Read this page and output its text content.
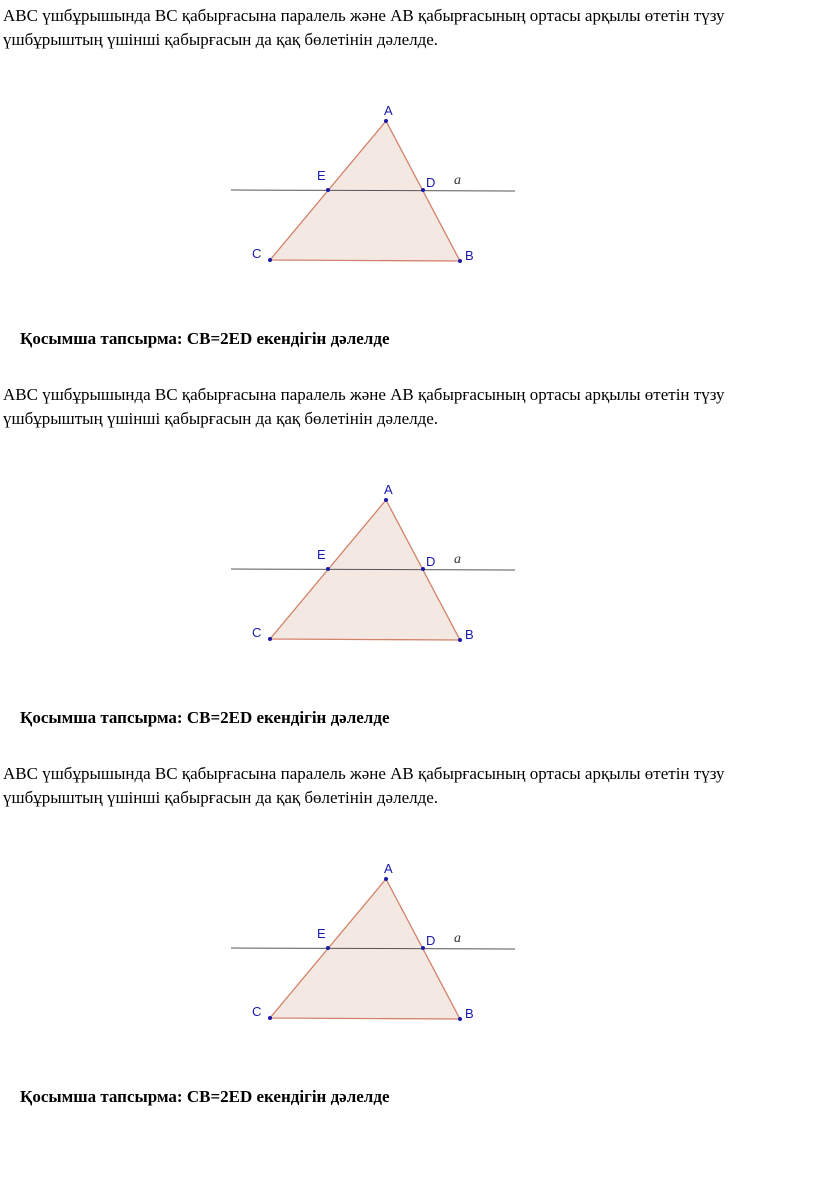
ABC үшбұрышында BC қабырғасына паралель және AB қабырғасының ортасы арқылы өтетін түзу үшбұрыштың үшінші қабырғасын да қақ бөлетінін дәлелде.

A
B
C
D
E	a

Қосымша тапсырма: CB=2ED екендігін дәлелде

ABC үшбұрышында BC қабырғасына паралель және AB қабырғасының ортасы арқылы өтетін түзу үшбұрыштың үшінші қабырғасын да қақ бөлетінін дәлелде.

A
B
C
D
E	a

Қосымша тапсырма: CB=2ED екендігін дәлелде

ABC үшбұрышында BC қабырғасына паралель және AB қабырғасының ортасы арқылы өтетін түзу үшбұрыштың үшінші қабырғасын да қақ бөлетінін дәлелде.

A
B
C
D
E	a

Қосымша тапсырма: CB=2ED екендігін дәлелде
